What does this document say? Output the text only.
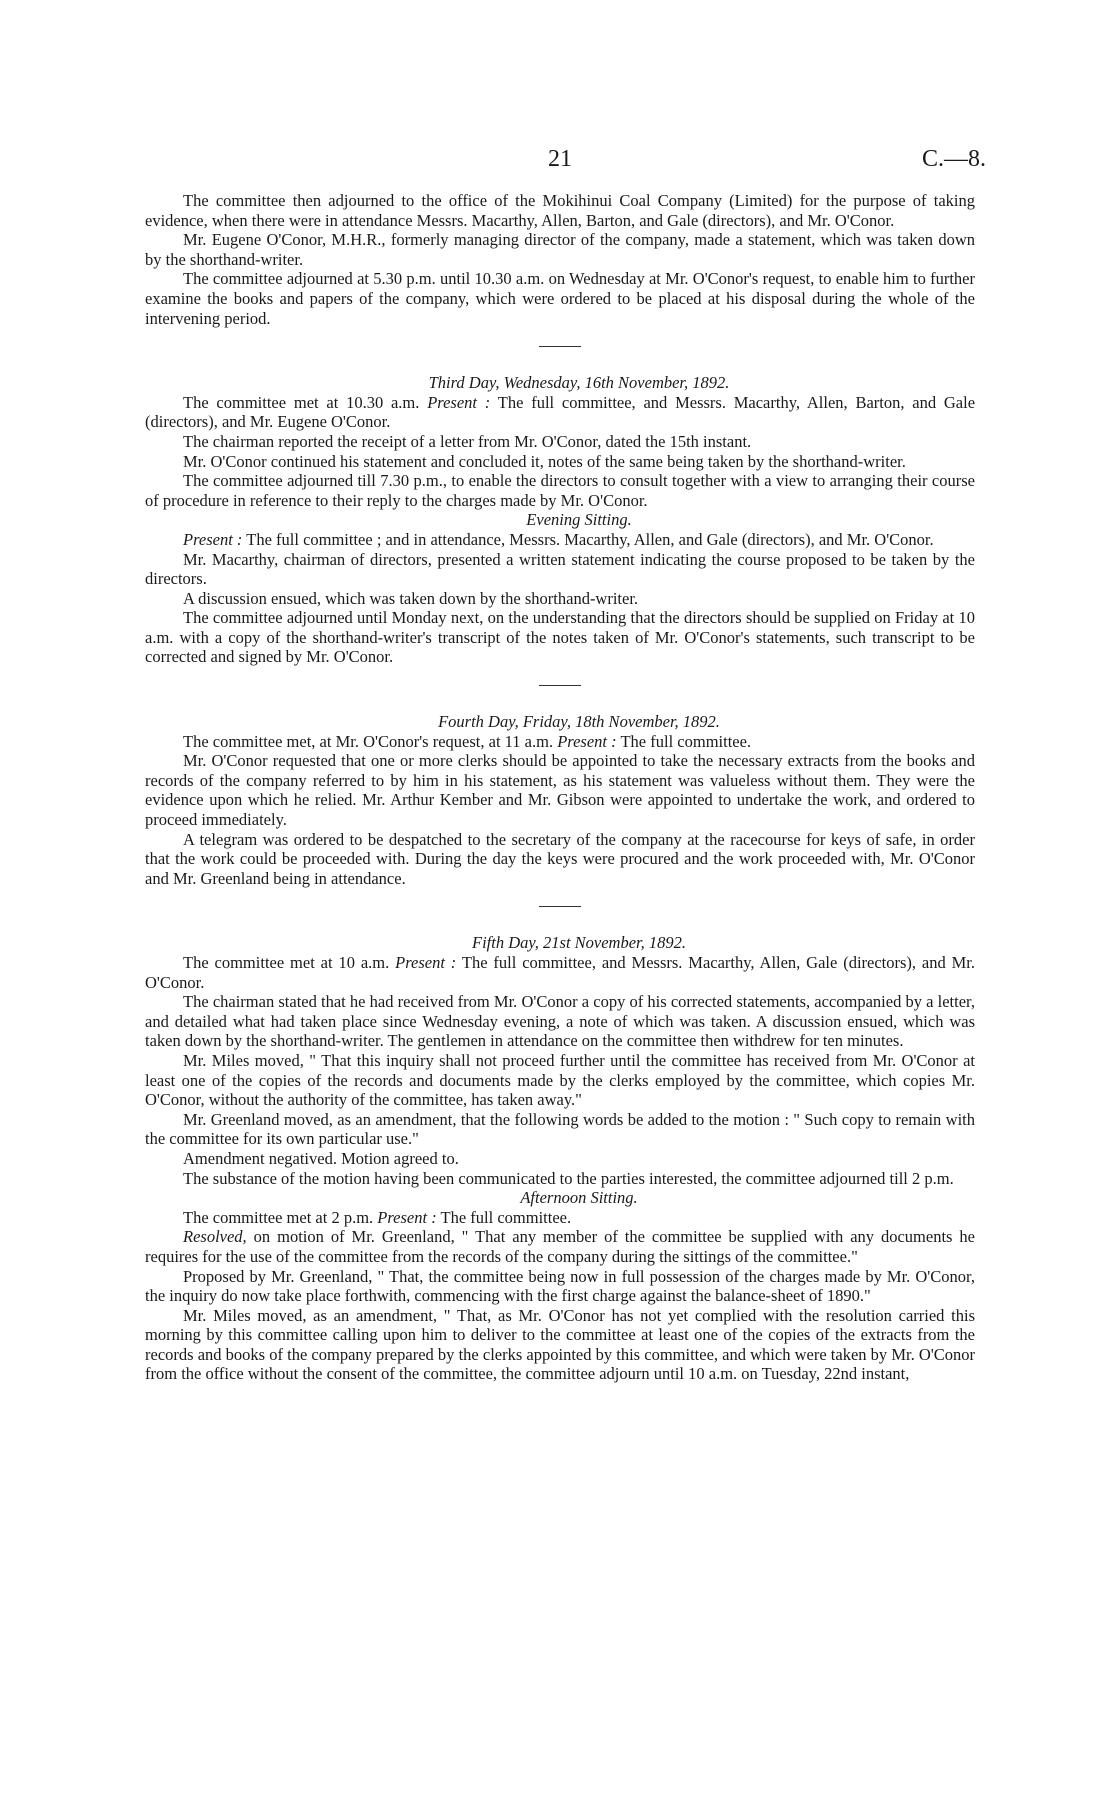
21	C.—8.

The committee then adjourned to the office of the Mokihinui Coal Company (Limited) for the purpose of taking evidence, when there were in attendance Messrs. Macarthy, Allen, Barton, and Gale (directors), and Mr. O'Conor.

Mr. Eugene O'Conor, M.H.R., formerly managing director of the company, made a statement, which was taken down by the shorthand-writer.

The committee adjourned at 5.30 p.m. until 10.30 a.m. on Wednesday at Mr. O'Conor's request, to enable him to further examine the books and papers of the company, which were ordered to be placed at his disposal during the whole of the intervening period.

Third Day, Wednesday, 16th November, 1892.

The committee met at 10.30 a.m. Present : The full committee, and Messrs. Macarthy, Allen, Barton, and Gale (directors), and Mr. Eugene O'Conor.

The chairman reported the receipt of a letter from Mr. O'Conor, dated the 15th instant.

Mr. O'Conor continued his statement and concluded it, notes of the same being taken by the shorthand-writer.

The committee adjourned till 7.30 p.m., to enable the directors to consult together with a view to arranging their course of procedure in reference to their reply to the charges made by Mr. O'Conor.

Evening Sitting.

Present : The full committee ; and in attendance, Messrs. Macarthy, Allen, and Gale (directors), and Mr. O'Conor.

Mr. Macarthy, chairman of directors, presented a written statement indicating the course proposed to be taken by the directors.

A discussion ensued, which was taken down by the shorthand-writer.

The committee adjourned until Monday next, on the understanding that the directors should be supplied on Friday at 10 a.m. with a copy of the shorthand-writer's transcript of the notes taken of Mr. O'Conor's statements, such transcript to be corrected and signed by Mr. O'Conor.

Fourth Day, Friday, 18th November, 1892.

The committee met, at Mr. O'Conor's request, at 11 a.m. Present : The full committee.

Mr. O'Conor requested that one or more clerks should be appointed to take the necessary extracts from the books and records of the company referred to by him in his statement, as his statement was valueless without them. They were the evidence upon which he relied. Mr. Arthur Kember and Mr. Gibson were appointed to undertake the work, and ordered to proceed immediately.

A telegram was ordered to be despatched to the secretary of the company at the racecourse for keys of safe, in order that the work could be proceeded with. During the day the keys were procured and the work proceeded with, Mr. O'Conor and Mr. Greenland being in attendance.

Fifth Day, 21st November, 1892.

The committee met at 10 a.m. Present : The full committee, and Messrs. Macarthy, Allen, Gale (directors), and Mr. O'Conor.

The chairman stated that he had received from Mr. O'Conor a copy of his corrected statements, accompanied by a letter, and detailed what had taken place since Wednesday evening, a note of which was taken. A discussion ensued, which was taken down by the shorthand-writer. The gentlemen in attendance on the committee then withdrew for ten minutes.

Mr. Miles moved, " That this inquiry shall not proceed further until the committee has received from Mr. O'Conor at least one of the copies of the records and documents made by the clerks employed by the committee, which copies Mr. O'Conor, without the authority of the committee, has taken away."

Mr. Greenland moved, as an amendment, that the following words be added to the motion : " Such copy to remain with the committee for its own particular use."

Amendment negatived. Motion agreed to.

The substance of the motion having been communicated to the parties interested, the committee adjourned till 2 p.m.

Afternoon Sitting.

The committee met at 2 p.m. Present : The full committee.

Resolved, on motion of Mr. Greenland, " That any member of the committee be supplied with any documents he requires for the use of the committee from the records of the company during the sittings of the committee."

Proposed by Mr. Greenland, " That, the committee being now in full possession of the charges made by Mr. O'Conor, the inquiry do now take place forthwith, commencing with the first charge against the balance-sheet of 1890."

Mr. Miles moved, as an amendment, " That, as Mr. O'Conor has not yet complied with the resolution carried this morning by this committee calling upon him to deliver to the committee at least one of the copies of the extracts from the records and books of the company prepared by the clerks appointed by this committee, and which were taken by Mr. O'Conor from the office without the consent of the committee, the committee adjourn until 10 a.m. on Tuesday, 22nd instant,
